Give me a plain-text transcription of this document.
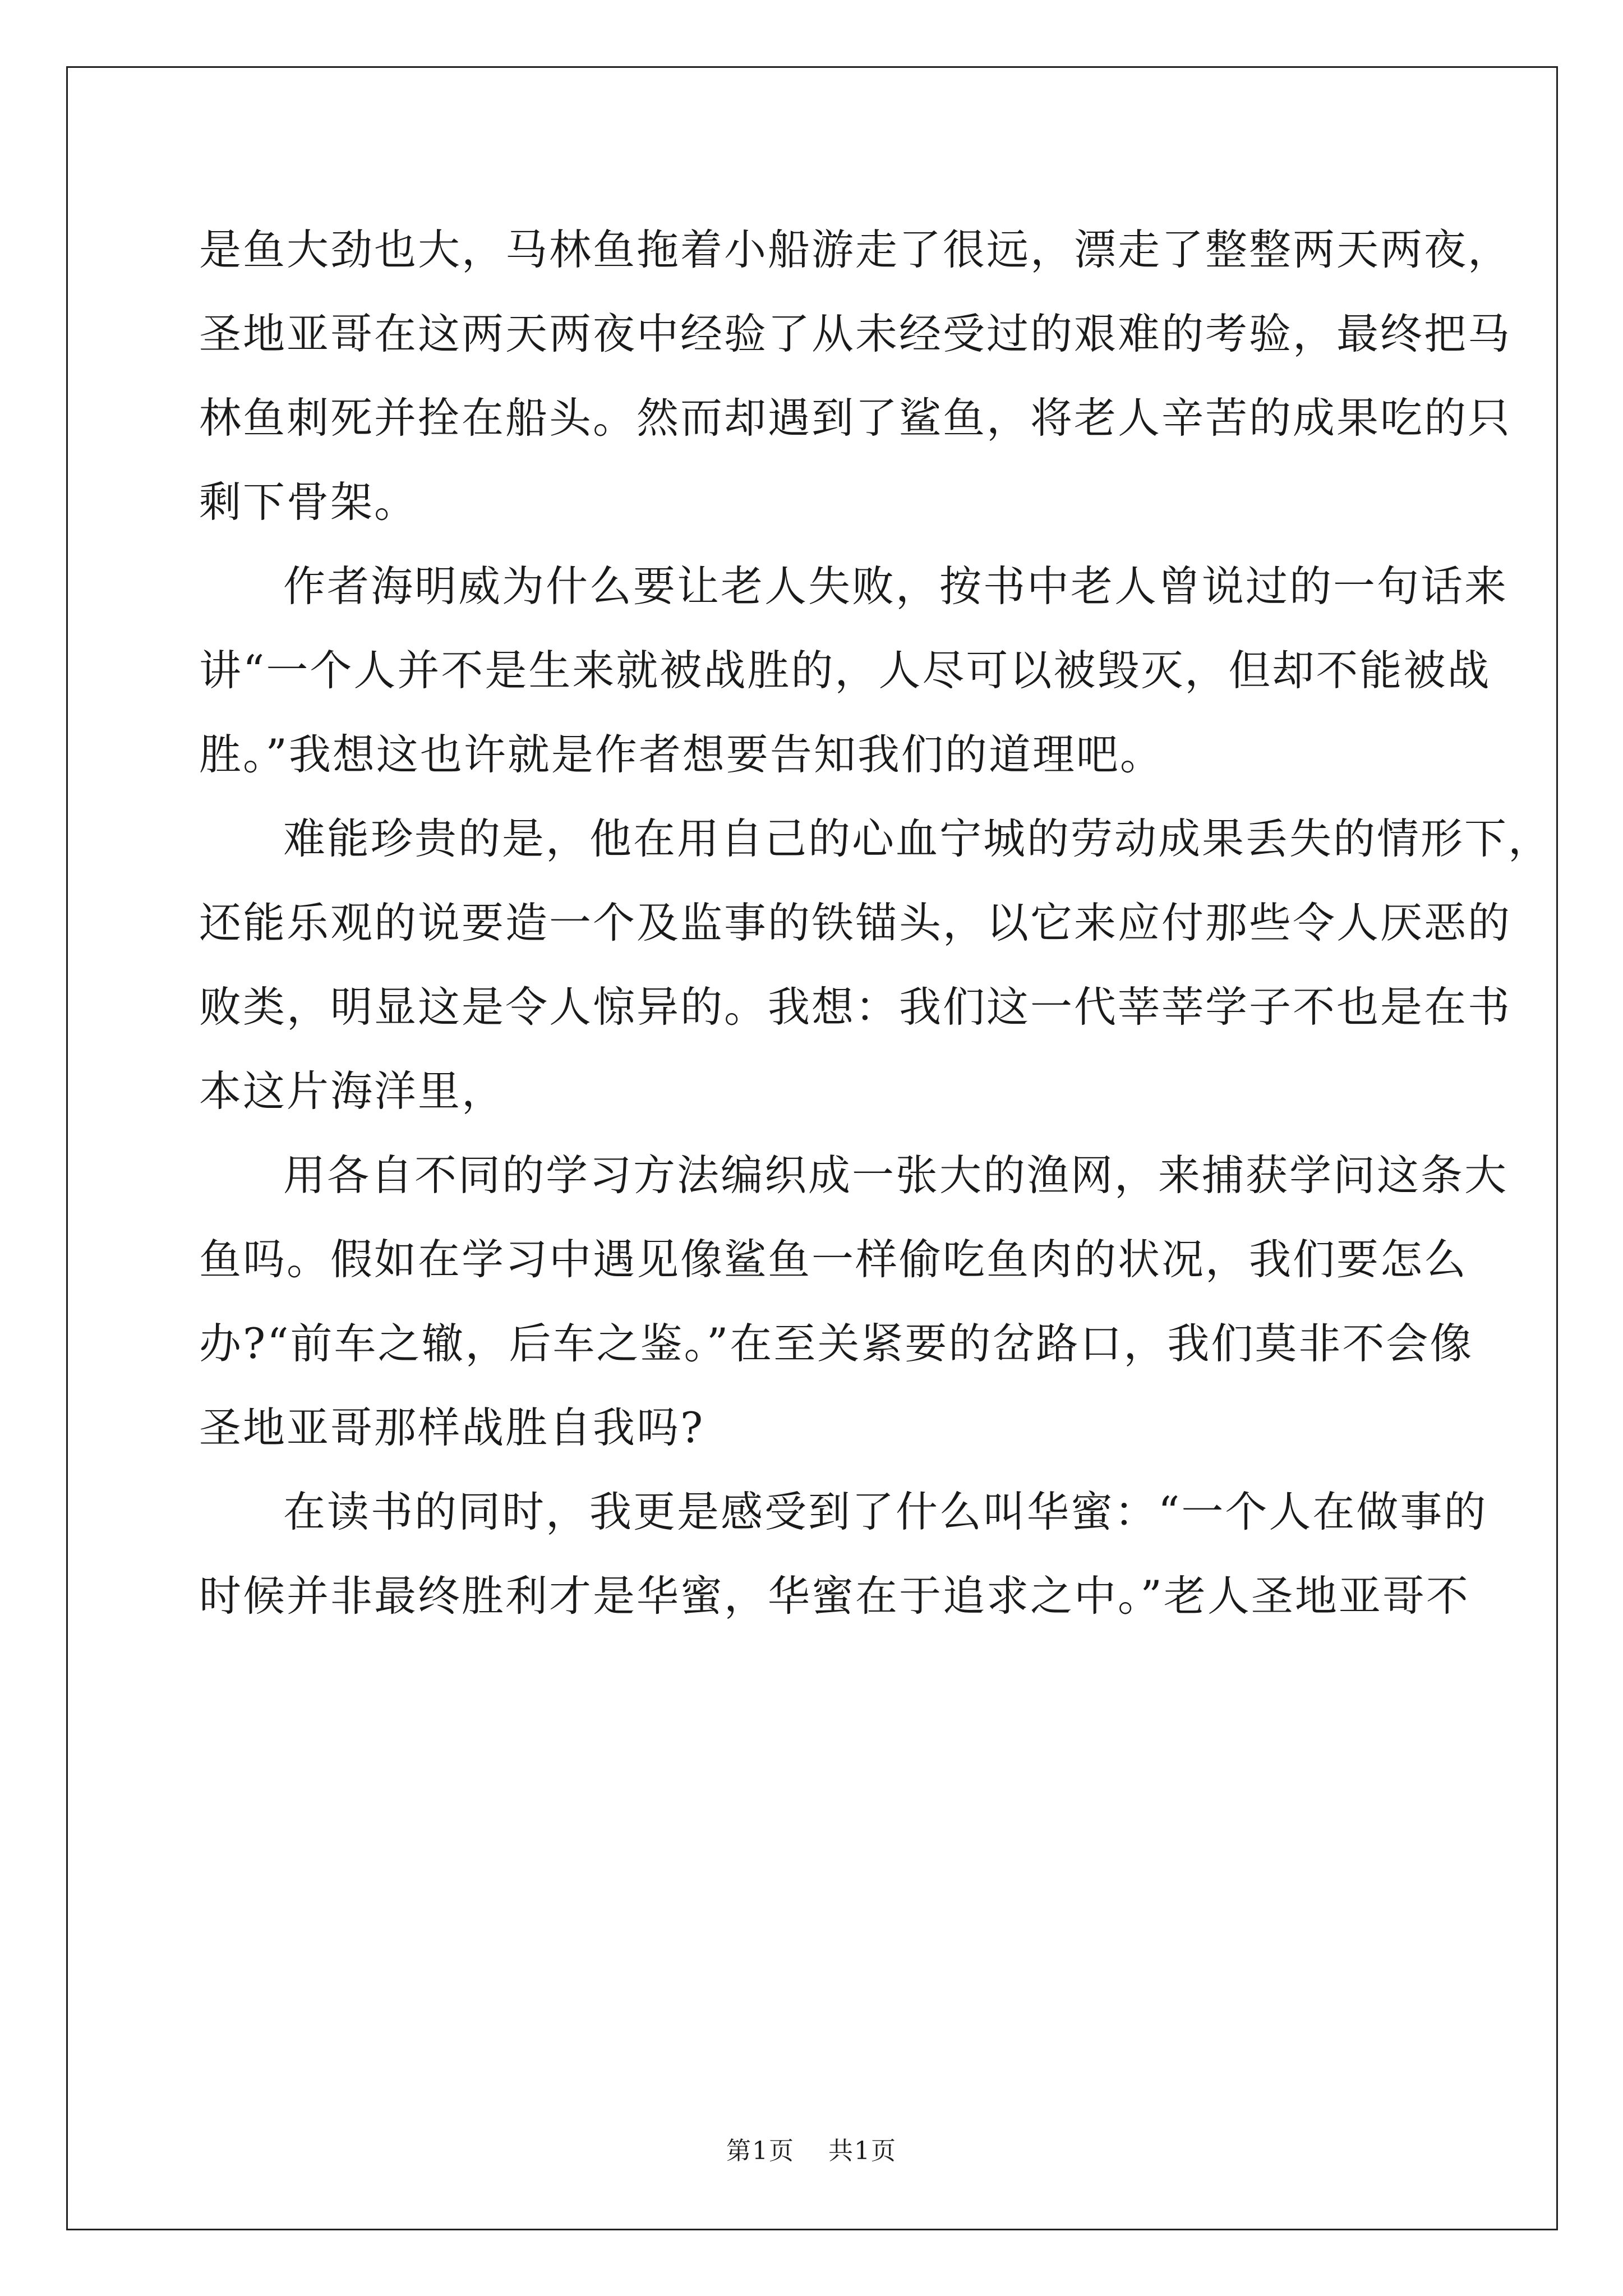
是鱼大劲也大，马林鱼拖着小船游走了很远，漂走了整整两天两夜，
圣地亚哥在这两天两夜中经验了从未经受过的艰难的考验，最终把马
林鱼刺死并拴在船头。然而却遇到了鲨鱼，将老人辛苦的成果吃的只
剩下骨架。
作者海明威为什么要让老人失败，按书中老人曾说过的一句话来
讲“一个人并不是生来就被战胜的，人尽可以被毁灭，但却不能被战
胜。”我想这也许就是作者想要告知我们的道理吧。
难能珍贵的是，他在用自己的心血宁城的劳动成果丢失的情形下，
还能乐观的说要造一个及监事的铁锚头，以它来应付那些令人厌恶的
败类，明显这是令人惊异的。我想：我们这一代莘莘学子不也是在书
本这片海洋里，
用各自不同的学习方法编织成一张大的渔网，来捕获学问这条大
鱼吗。假如在学习中遇见像鲨鱼一样偷吃鱼肉的状况，我们要怎么
办?“前车之辙，后车之鉴。”在至关紧要的岔路口，我们莫非不会像
圣地亚哥那样战胜自我吗?
在读书的同时，我更是感受到了什么叫华蜜：“一个人在做事的
时候并非最终胜利才是华蜜，华蜜在于追求之中。”老人圣地亚哥不
第1页 共1页
